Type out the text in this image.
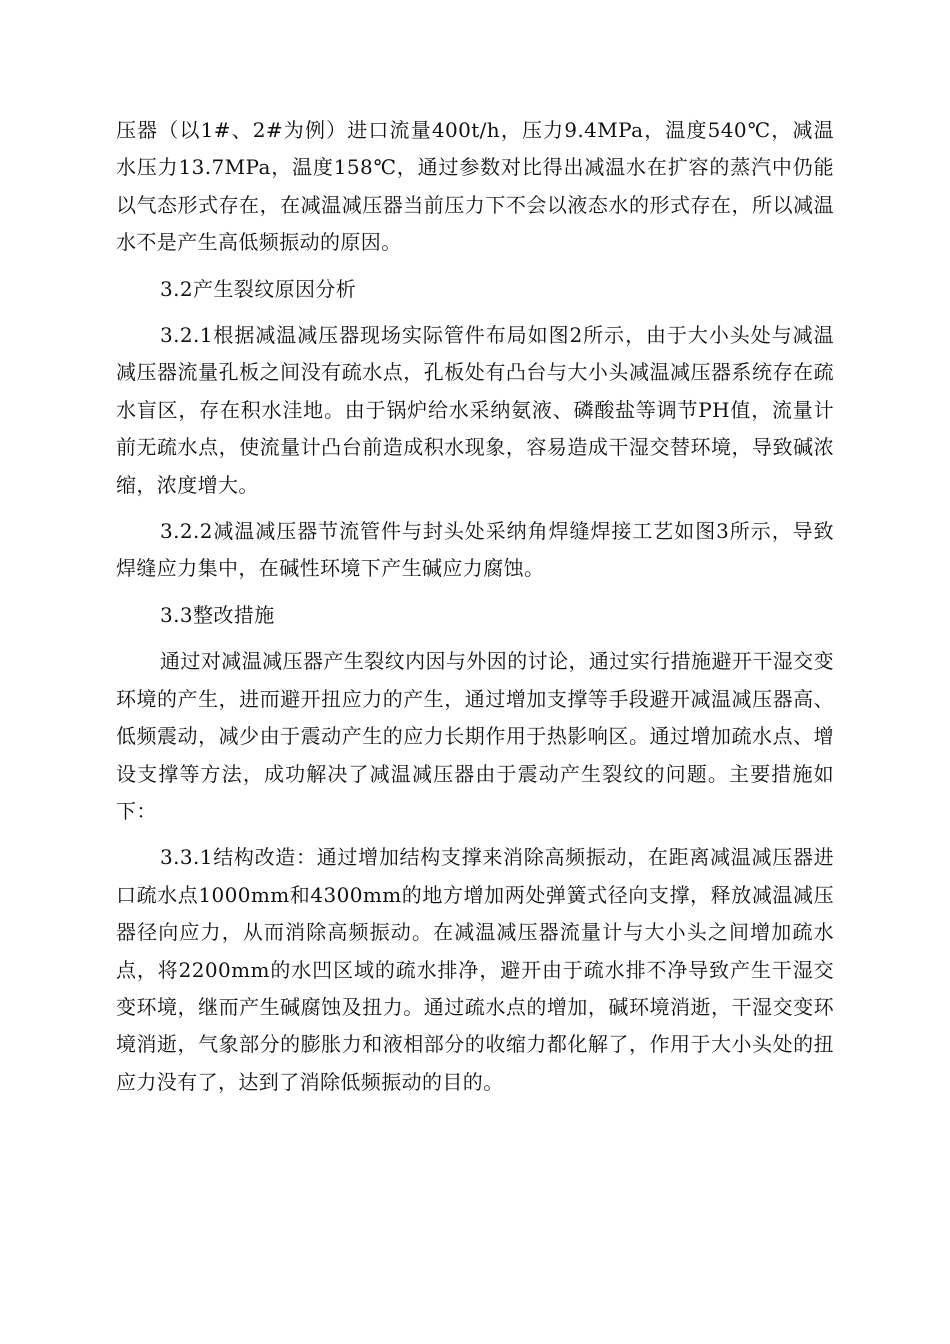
压器（以1#、2#为例）进口流量400t/h，压力9.4MPa，温度540℃，减温水压力13.7MPa，温度158℃，通过参数对比得出减温水在扩容的蒸汽中仍能以气态形式存在，在减温减压器当前压力下不会以液态水的形式存在，所以减温水不是产生高低频振动的原因。

3.2产生裂纹原因分析

3.2.1根据减温减压器现场实际管件布局如图2所示，由于大小头处与减温减压器流量孔板之间没有疏水点，孔板处有凸台与大小头减温减压器系统存在疏水盲区，存在积水洼地。由于锅炉给水采纳氨液、磷酸盐等调节PH值，流量计前无疏水点，使流量计凸台前造成积水现象，容易造成干湿交替环境，导致碱浓缩，浓度增大。

3.2.2减温减压器节流管件与封头处采纳角焊缝焊接工艺如图3所示，导致焊缝应力集中，在碱性环境下产生碱应力腐蚀。

3.3整改措施

通过对减温减压器产生裂纹内因与外因的讨论，通过实行措施避开干湿交变环境的产生，进而避开扭应力的产生，通过增加支撑等手段避开减温减压器高、低频震动，减少由于震动产生的应力长期作用于热影响区。通过增加疏水点、增设支撑等方法，成功解决了减温减压器由于震动产生裂纹的问题。主要措施如下：

3.3.1结构改造：通过增加结构支撑来消除高频振动，在距离减温减压器进口疏水点1000mm和4300mm的地方增加两处弹簧式径向支撑，释放减温减压器径向应力，从而消除高频振动。在减温减压器流量计与大小头之间增加疏水点，将2200mm的水凹区域的疏水排净，避开由于疏水排不净导致产生干湿交变环境，继而产生碱腐蚀及扭力。通过疏水点的增加，碱环境消逝，干湿交变环境消逝，气象部分的膨胀力和液相部分的收缩力都化解了，作用于大小头处的扭应力没有了，达到了消除低频振动的目的。
